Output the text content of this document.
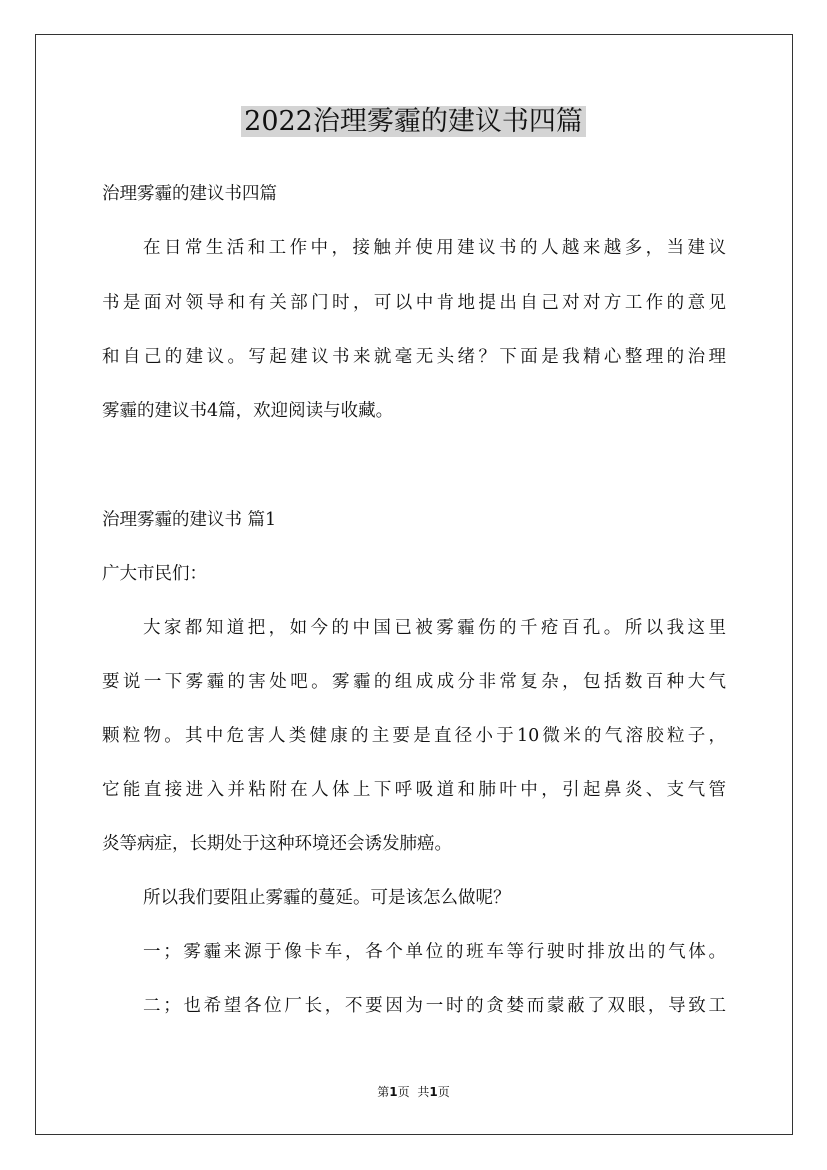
2022治理雾霾的建议书四篇

治理雾霾的建议书四篇

在日常生活和工作中，接触并使用建议书的人越来越多，当建议

书是面对领导和有关部门时，可以中肯地提出自己对对方工作的意见

和自己的建议。写起建议书来就毫无头绪？下面是我精心整理的治理

雾霾的建议书4篇，欢迎阅读与收藏。

治理雾霾的建议书 篇1

广大市民们：

大家都知道把，如今的中国已被雾霾伤的千疮百孔。所以我这里

要说一下雾霾的害处吧。雾霾的组成成分非常复杂，包括数百种大气

颗粒物。其中危害人类健康的主要是直径小于10微米的气溶胶粒子，

它能直接进入并粘附在人体上下呼吸道和肺叶中，引起鼻炎、支气管

炎等病症，长期处于这种环境还会诱发肺癌。

所以我们要阻止雾霾的蔓延。可是该怎么做呢？

一；雾霾来源于像卡车，各个单位的班车等行驶时排放出的气体。

二；也希望各位厂长，不要因为一时的贪婪而蒙蔽了双眼，导致工

第1页 共1页
